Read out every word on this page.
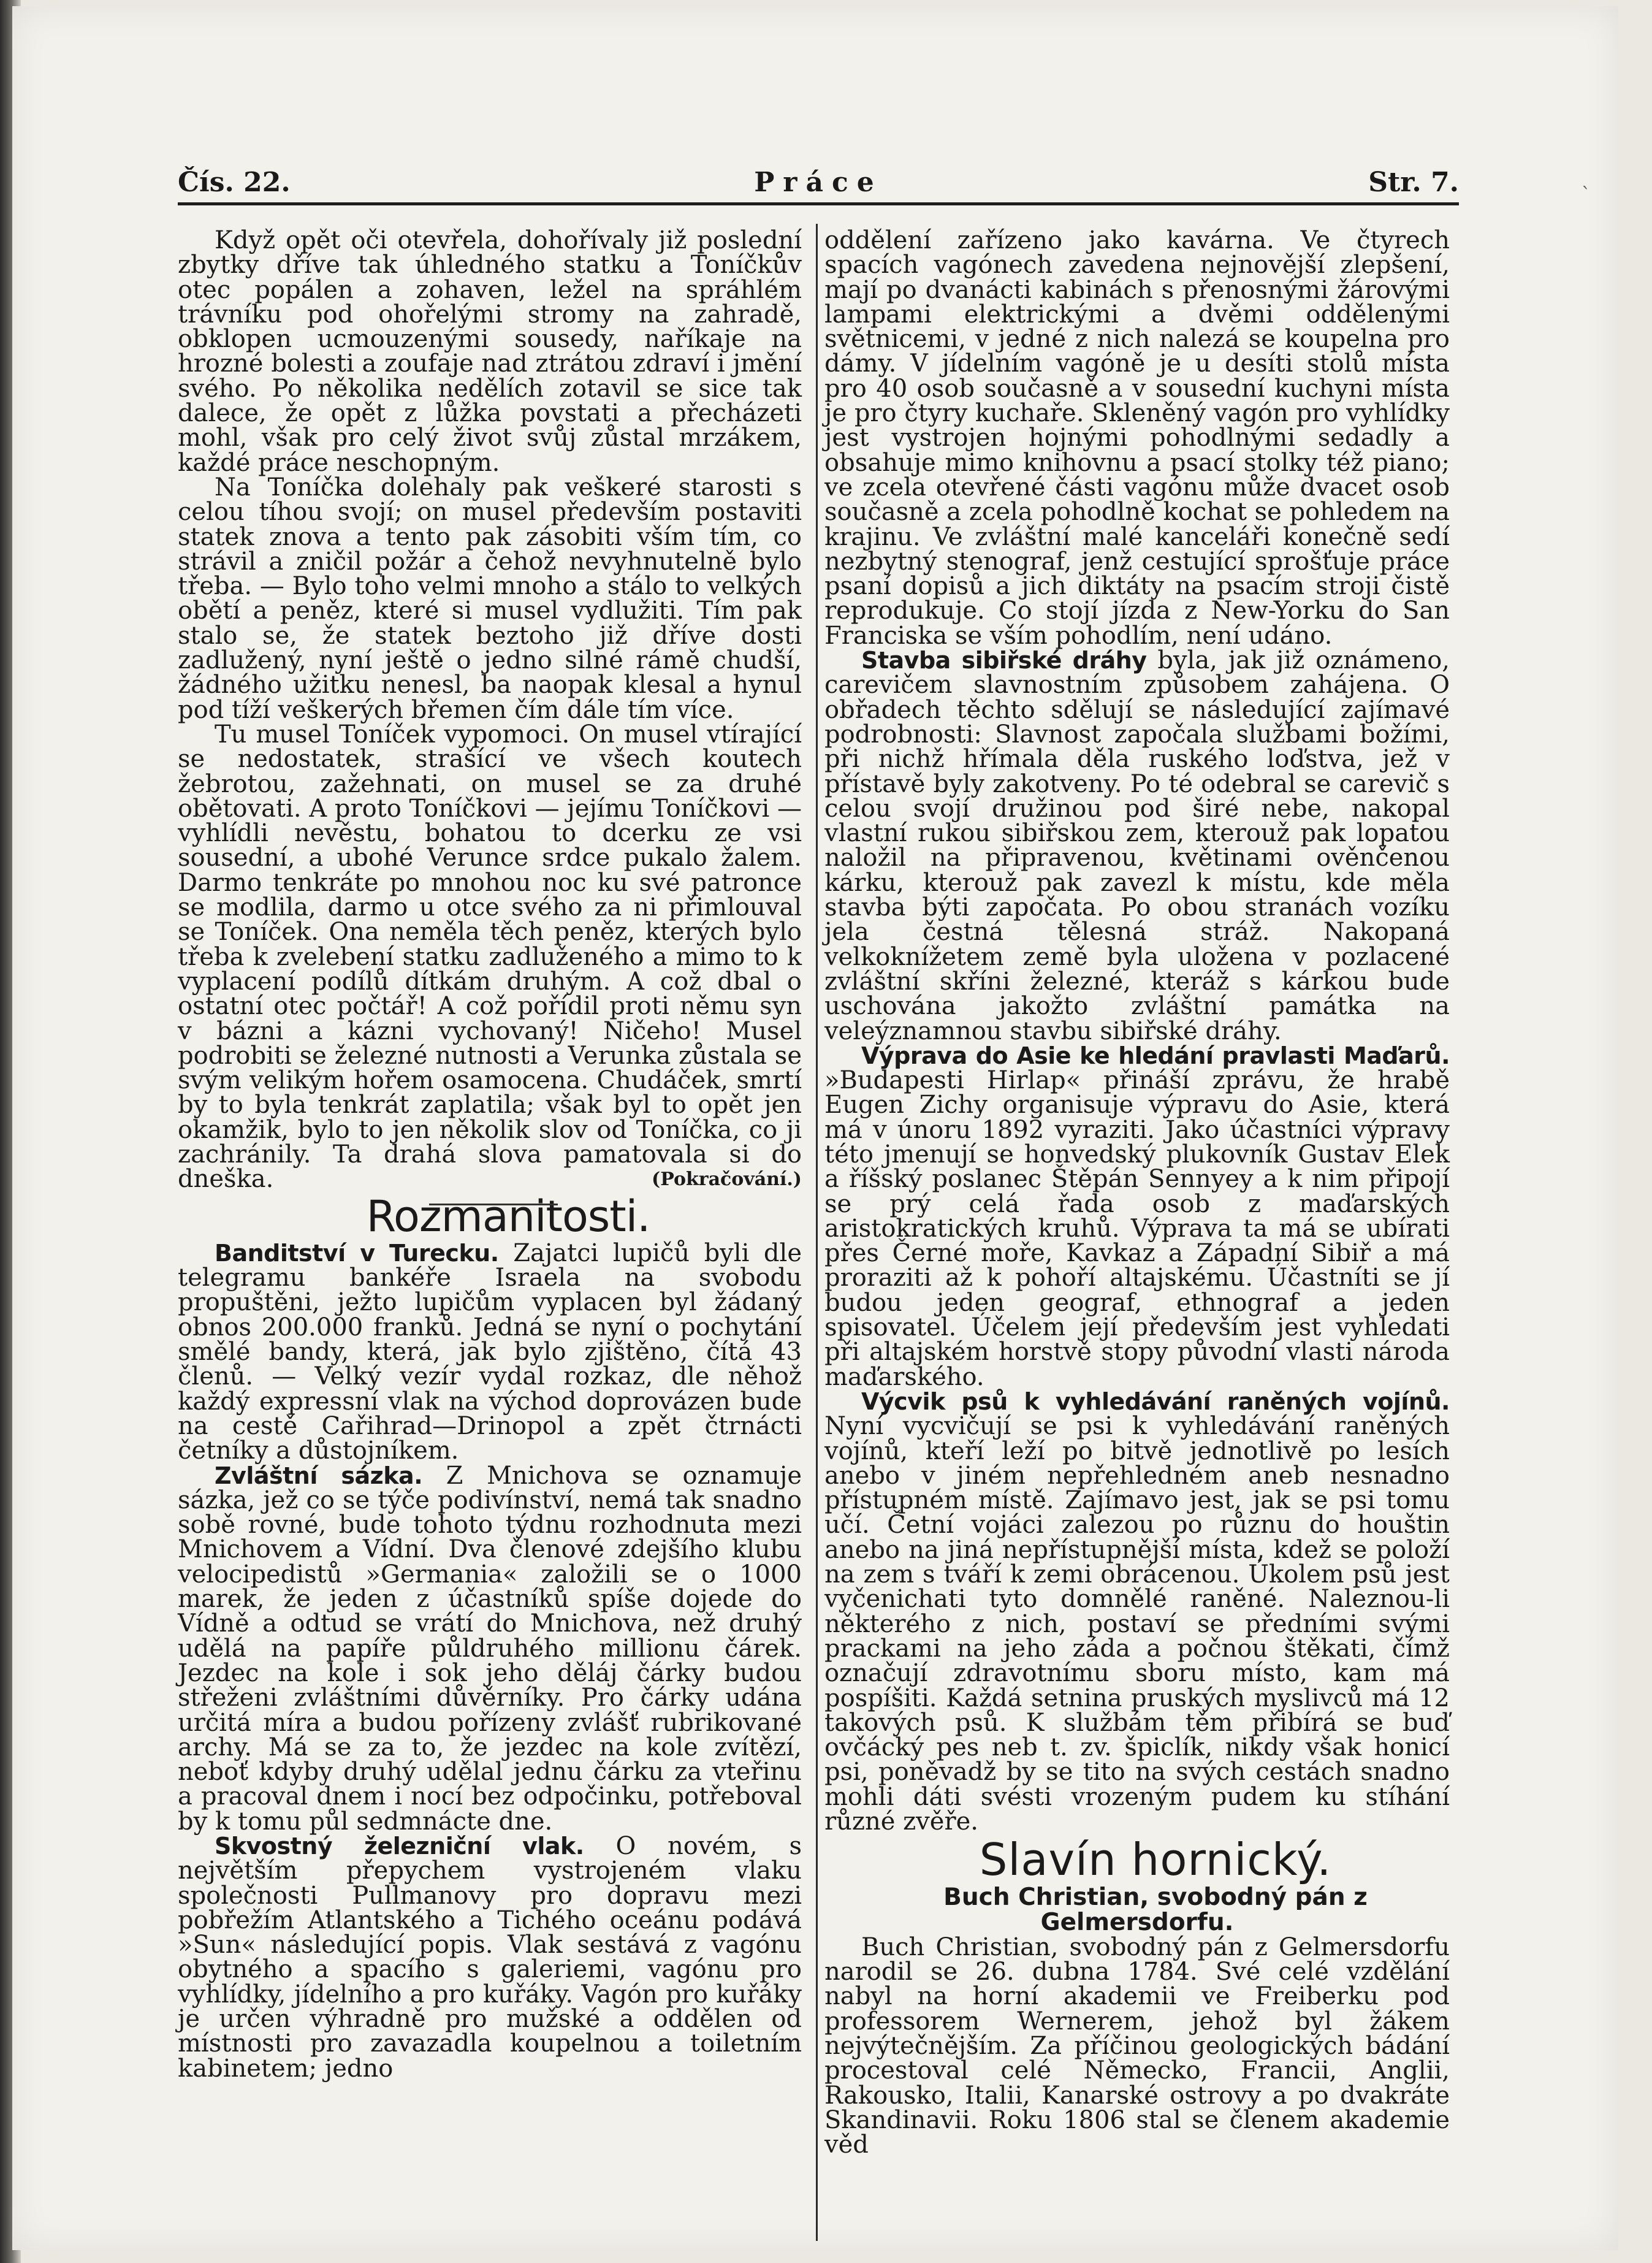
Čís. 22.	Práce	Str. 7.	ˋ

Když opět oči otevřela, dohořívaly již poslední zbytky dříve tak úhledného statku a Toníčkův otec popálen a zohaven, ležel na spráhlém trávníku pod ohořelými stromy na zahradě, obklopen ucmouzenými sousedy, naříkaje na hrozné bolesti a zoufaje nad ztrátou zdraví i jmění svého. Po několika nedělích zotavil se sice tak dalece, že opět z lůžka povstati a přecházeti mohl, však pro celý život svůj zůstal mrzákem, každé práce neschopným.

Na Toníčka dolehaly pak veškeré starosti s celou tíhou svojí; on musel především postaviti statek znova a tento pak zásobiti vším tím, co strávil a zničil požár a čehož nevyhnutelně bylo třeba. — Bylo toho velmi mnoho a stálo to velkých obětí a peněz, které si musel vydlužiti. Tím pak stalo se, že statek beztoho již dříve dosti zadlužený, nyní ještě o jedno silné rámě chudší, žádného užitku nenesl, ba naopak klesal a hynul pod tíží veškerých břemen čím dále tím více.

Tu musel Toníček vypomoci. On musel vtírající se nedostatek, strašící ve všech koutech žebrotou, zažehnati, on musel se za druhé obětovati. A proto Toníčkovi — jejímu Toníčkovi — vyhlídli nevěstu, bohatou to dcerku ze vsi sousední, a ubohé Verunce srdce pukalo žalem. Darmo tenkráte po mnohou noc ku své patronce se modlila, darmo u otce svého za ni přimlouval se Toníček. Ona neměla těch peněz, kterých bylo třeba k zvelebení statku zadluženého a mimo to k vyplacení podílů dítkám druhým. A což dbal o ostatní otec počtář! A což pořídil proti němu syn v bázni a kázni vychovaný! Ničeho! Musel podrobiti se železné nutnosti a Verunka zůstala se svým velikým hořem osamocena. Chudáček, smrtí by to byla tenkrát zaplatila; však byl to opět jen okamžik, bylo to jen několik slov od Toníčka, co ji zachránily. Ta drahá slova pamatovala si do dneška.	(Pokračování.)

Rozmanitosti.

Banditství v Turecku. Zajatci lupičů byli dle telegramu bankéře Israela na svobodu propuštěni, ježto lupičům vyplacen byl žádaný obnos 200.000 franků. Jedná se nyní o pochytání smělé bandy, která, jak bylo zjištěno, čítá 43 členů. — Velký vezír vydal rozkaz, dle něhož každý expressní vlak na východ doprovázen bude na cestě Cařihrad—Drinopol a zpět čtrnácti četníky a důstojníkem.

Zvláštní sázka. Z Mnichova se oznamuje sázka, jež co se týče podivínství, nemá tak snadno sobě rovné, bude tohoto týdnu rozhodnuta mezi Mnichovem a Vídní. Dva členové zdejšího klubu velocipedistů »Germania« založili se o 1000 marek, že jeden z účastníků spíše dojede do Vídně a odtud se vrátí do Mnichova, než druhý udělá na papíře půldruhého millionu čárek. Jezdec na kole i sok jeho děláj čárky budou střeženi zvláštními důvěrníky. Pro čárky udána určitá míra a budou pořízeny zvlášť rubrikované archy. Má se za to, že jezdec na kole zvítězí, neboť kdyby druhý udělal jednu čárku za vteřinu a pracoval dnem i nocí bez odpočinku, potřeboval by k tomu půl sedmnácte dne.

Skvostný železniční vlak. O novém, s největším přepychem vystrojeném vlaku společnosti Pullmanovy pro dopravu mezi pobřežím Atlantského a Tichého oceánu podává »Sun« následující popis. Vlak sestává z vagónu obytného a spacího s galeriemi, vagónu pro vyhlídky, jídelního a pro kuřáky. Vagón pro kuřáky je určen výhradně pro mužské a oddělen od místnosti pro zavazadla koupelnou a toiletním kabinetem; jedno

oddělení zařízeno jako kavárna. Ve čtyrech spacích vagónech zavedena nejnovější zlepšení, mají po dvanácti kabinách s přenosnými žárovými lampami elektrickými a dvěmi oddělenými světnicemi, v jedné z nich nalezá se koupelna pro dámy. V jídelním vagóně je u desíti stolů místa pro 40 osob současně a v sousední kuchyni místa je pro čtyry kuchaře. Skleněný vagón pro vyhlídky jest vystrojen hojnými pohodlnými sedadly a obsahuje mimo knihovnu a psací stolky též piano; ve zcela otevřené části vagónu může dvacet osob současně a zcela pohodlně kochat se pohledem na krajinu. Ve zvláštní malé kanceláři konečně sedí nezbytný stenograf, jenž cestující sprošťuje práce psaní dopisů a jich diktáty na psacím stroji čistě reprodukuje. Co stojí jízda z New-Yorku do San Franciska se vším pohodlím, není udáno.

Stavba sibiřské dráhy byla, jak již oznámeno, carevičem slavnostním způsobem zahájena. O obřadech těchto sdělují se následující zajímavé podrobnosti: Slavnost započala službami božími, při nichž hřímala děla ruského loďstva, jež v přístavě byly zakotveny. Po té odebral se carevič s celou svojí družinou pod širé nebe, nakopal vlastní rukou sibiřskou zem, kterouž pak lopatou naložil na připravenou, květinami ověnčenou kárku, kterouž pak zavezl k místu, kde měla stavba býti započata. Po obou stranách vozíku jela čestná tělesná stráž. Nakopaná velkoknížetem země byla uložena v pozlacené zvláštní skříni železné, kteráž s kárkou bude uschována jakožto zvláštní památka na veleýznamnou stavbu sibiřské dráhy.

Výprava do Asie ke hledání pravlasti Maďarů. »Budapesti Hirlap« přináší zprávu, že hrabě Eugen Zichy organisuje výpravu do Asie, která má v únoru 1892 vyraziti. Jako účastníci výpravy této jmenují se honvedský plukovník Gustav Elek a říšský poslanec Štěpán Sennyey a k nim připojí se prý celá řada osob z maďarských aristokratických kruhů. Výprava ta má se ubírati přes Černé moře, Kavkaz a Západní Sibiř a má proraziti až k pohoří altajskému. Účastníti se jí budou jeden geograf, ethnograf a jeden spisovatel. Účelem její především jest vyhledati při altajském horstvě stopy původní vlasti národa maďarského.

Výcvik psů k vyhledávání raněných vojínů. Nyní vycvičují se psi k vyhledávání raněných vojínů, kteří leží po bitvě jednotlivě po lesích anebo v jiném nepřehledném aneb nesnadno přístupném místě. Zajímavo jest, jak se psi tomu učí. Četní vojáci zalezou po různu do houštin anebo na jiná nepřístupnější místa, kdež se položí na zem s tváří k zemi obrácenou. Úkolem psů jest vyčenichati tyto domnělé raněné. Naleznou-li některého z nich, postaví se předními svými prackami na jeho záda a počnou štěkati, čímž označují zdravotnímu sboru místo, kam má pospíšiti. Každá setnina pruských myslivců má 12 takových psů. K službám těm přibírá se buď ovčácký pes neb t. zv. špiclík, nikdy však honicí psi, poněvadž by se tito na svých cestách snadno mohli dáti svésti vrozeným pudem ku stíhání různé zvěře.

Slavín hornický.

Buch Christian, svobodný pán z Gelmersdorfu.

Buch Christian, svobodný pán z Gelmersdorfu narodil se 26. dubna 1784. Své celé vzdělání nabyl na horní akademii ve Freiberku pod professorem Wernerem, jehož byl žákem nejvýtečnějším. Za příčinou geologických bádání procestoval celé Německo, Francii, Anglii, Rakousko, Italii, Kanarské ostrovy a po dvakráte Skandinavii. Roku 1806 stal se členem akademie věd
